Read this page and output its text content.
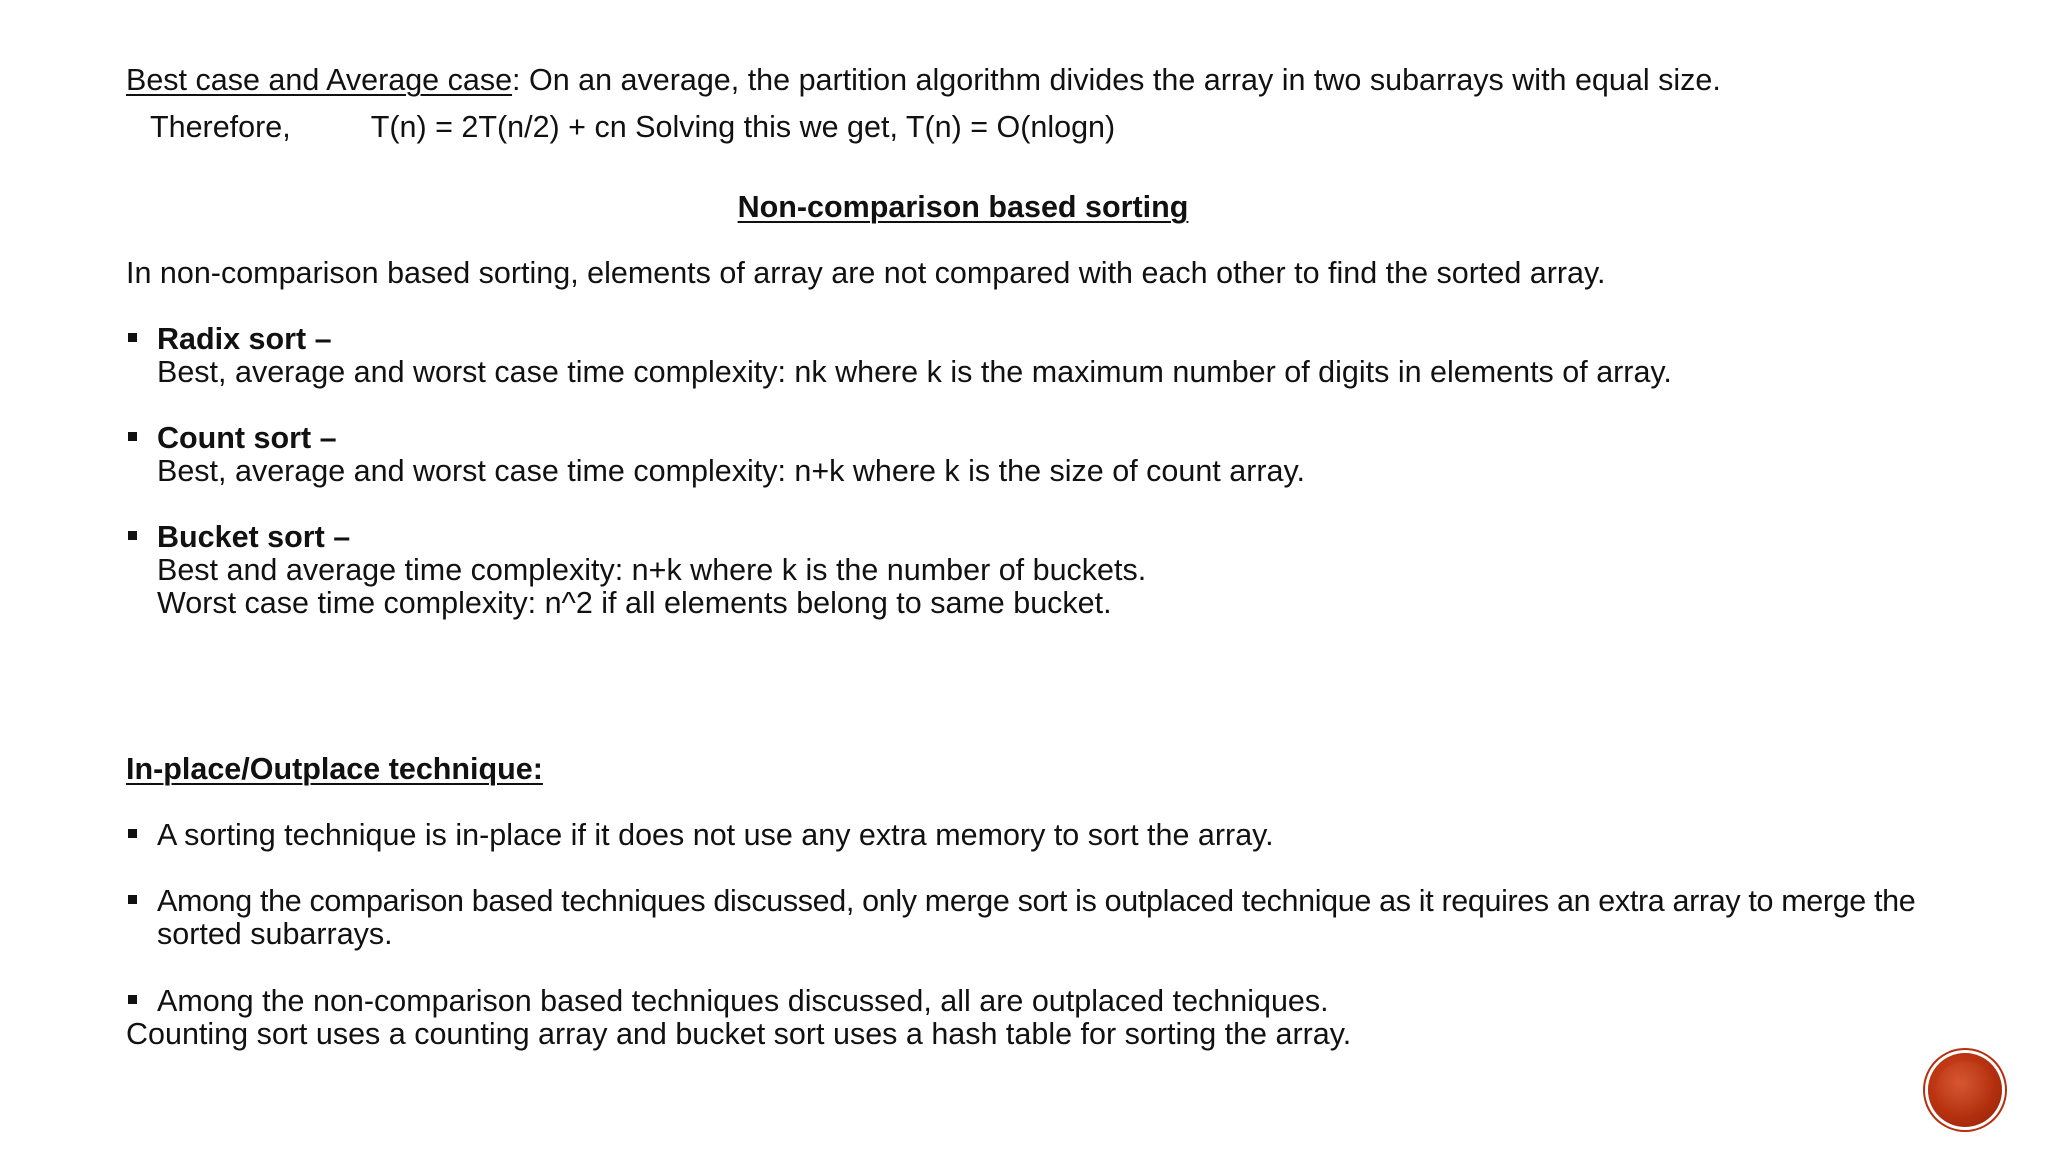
Best case and Average case: On an average, the partition algorithm divides the array in two subarrays with equal size.
Therefore,	T(n) = 2T(n/2) + cn Solving this we get, T(n) = O(nlogn)
Non-comparison based sorting
In non-comparison based sorting, elements of array are not compared with each other to find the sorted array.
Radix sort –
Best, average and worst case time complexity: nk where k is the maximum number of digits in elements of array.
Count sort –
Best, average and worst case time complexity: n+k where k is the size of count array.
Bucket sort –
Best and average time complexity: n+k where k is the number of buckets.
Worst case time complexity: n^2 if all elements belong to same bucket.
In-place/Outplace technique:
A sorting technique is in-place if it does not use any extra memory to sort the array.
Among the comparison based techniques discussed, only merge sort is outplaced technique as it requires an extra array to merge the
sorted subarrays.
Among the non-comparison based techniques discussed, all are outplaced techniques.
Counting sort uses a counting array and bucket sort uses a hash table for sorting the array.
